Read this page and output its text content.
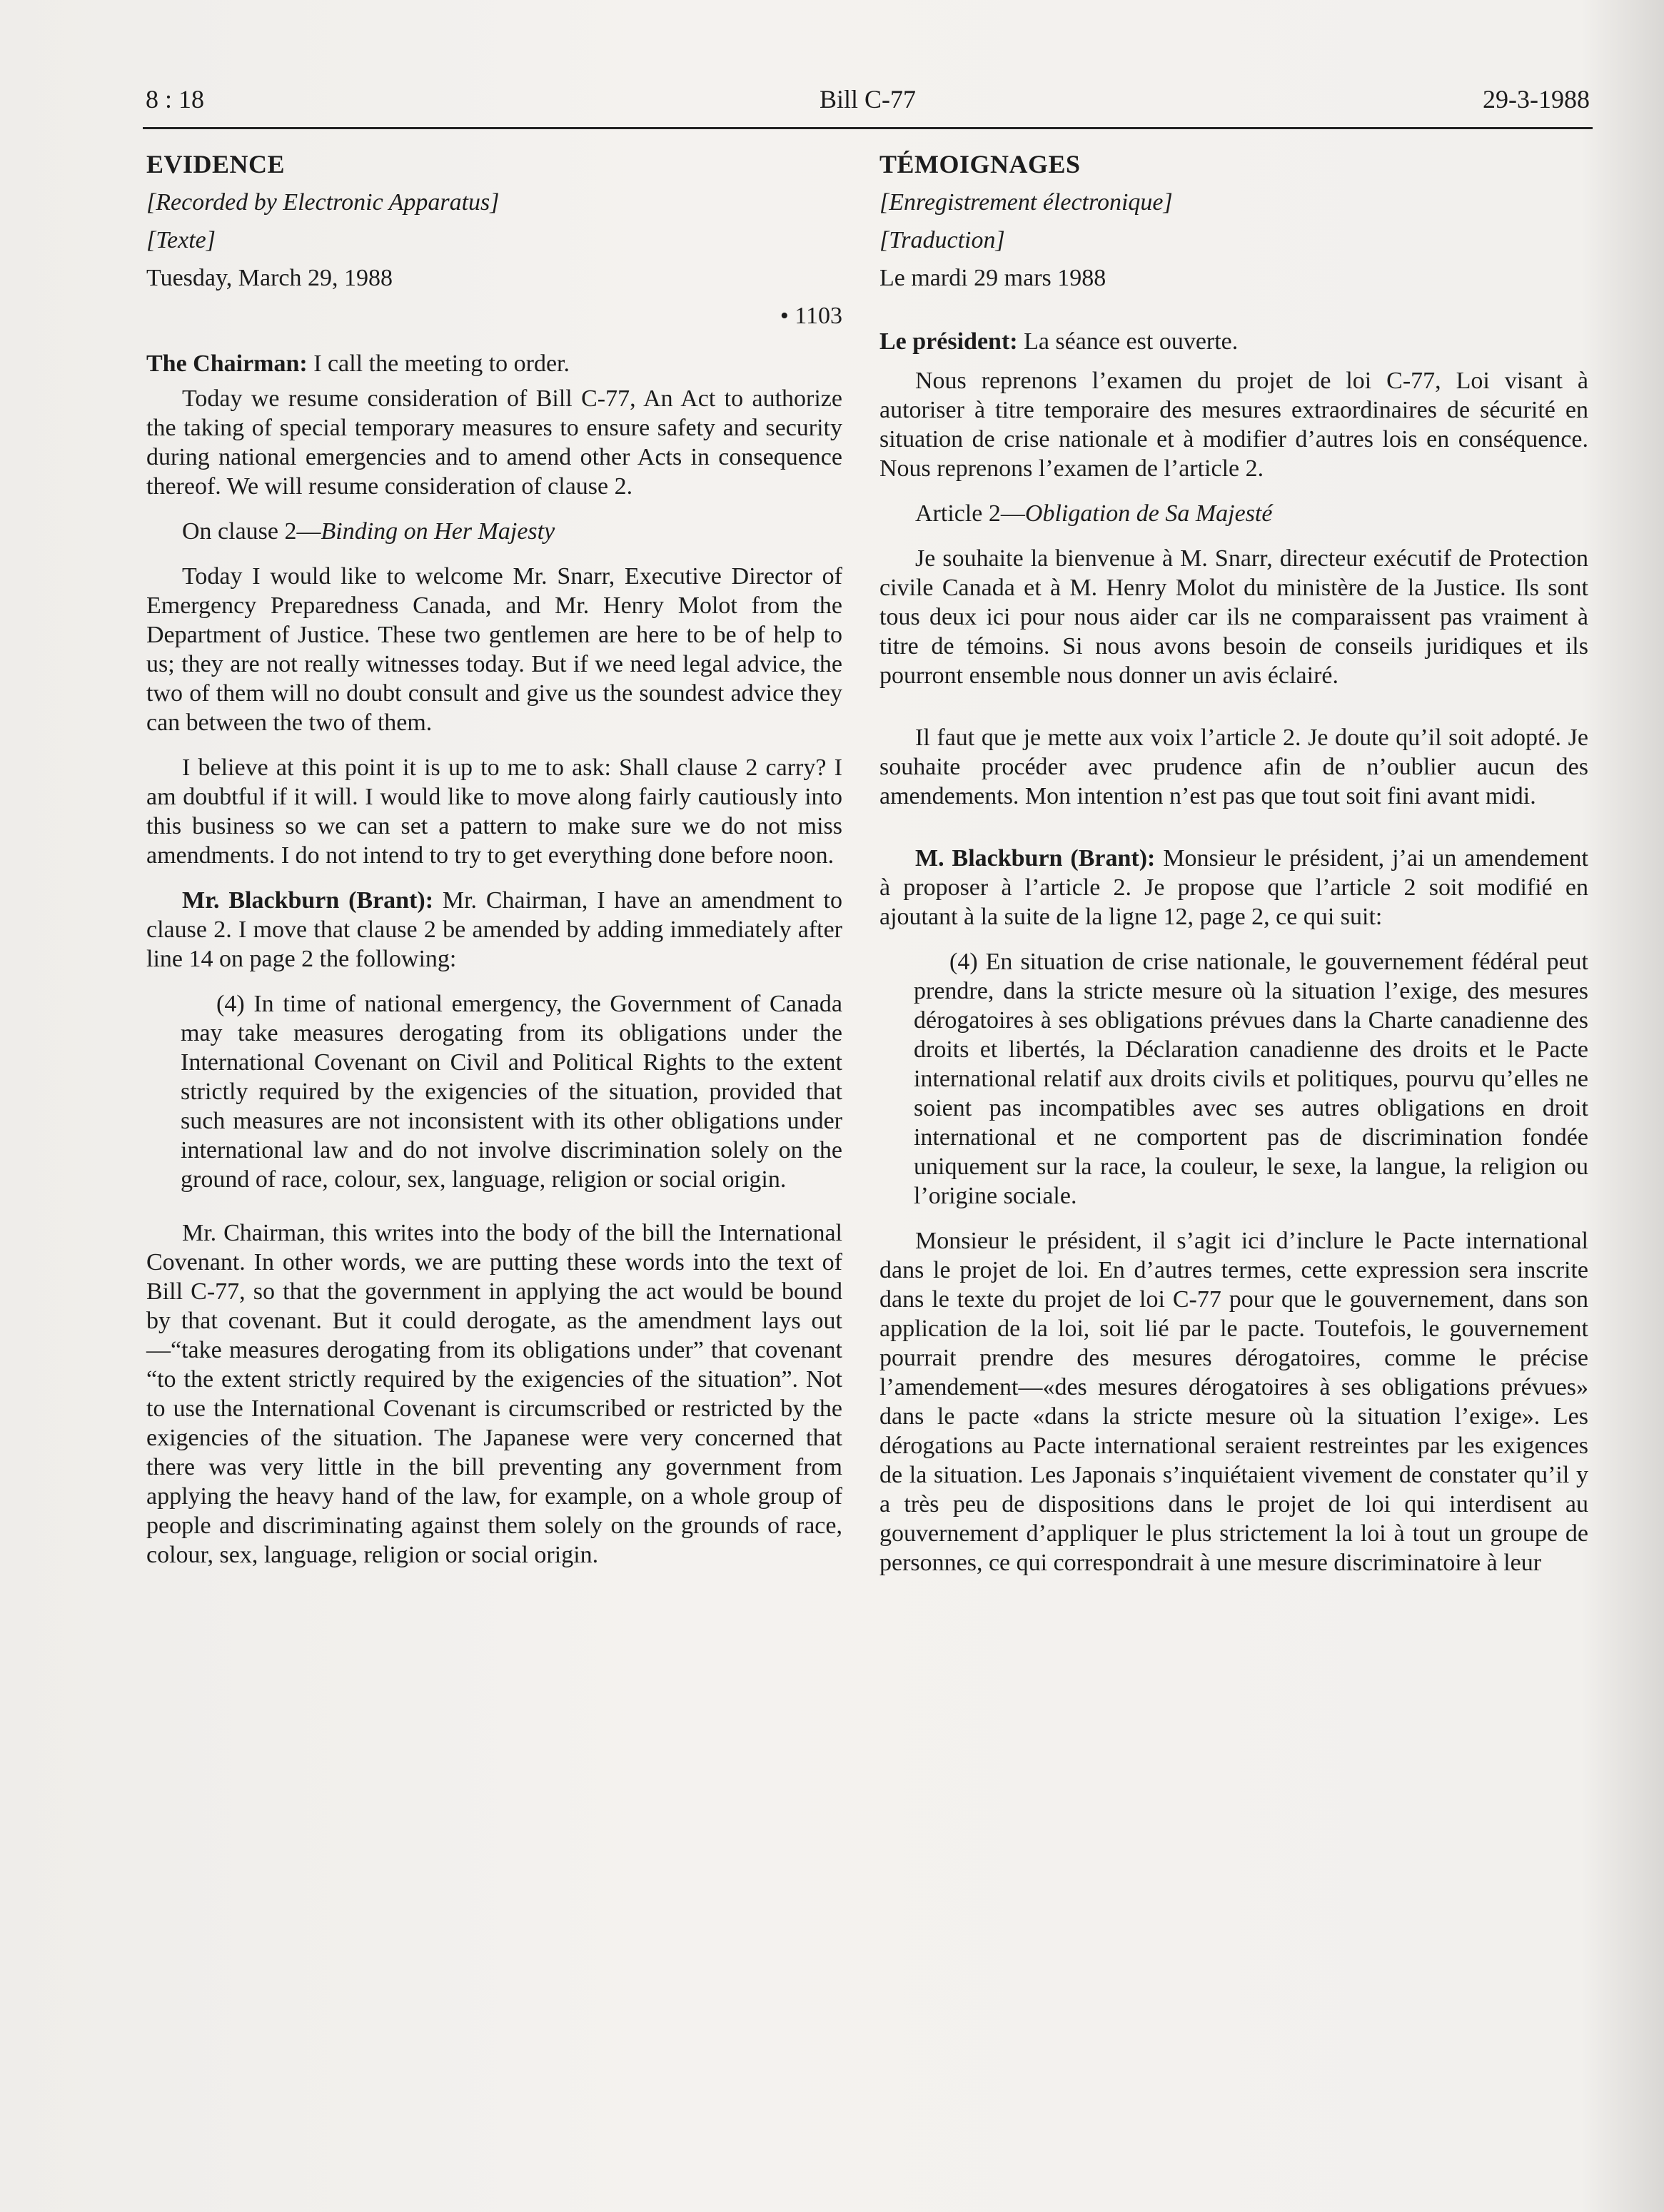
8 : 18	Bill C-77	29-3-1988
EVIDENCE
[Recorded by Electronic Apparatus]
[Texte]
Tuesday, March 29, 1988
• 1103

The Chairman: I call the meeting to order.

Today we resume consideration of Bill C-77, An Act to authorize the taking of special temporary measures to ensure safety and security during national emergencies and to amend other Acts in consequence thereof. We will resume consideration of clause 2.

On clause 2—Binding on Her Majesty

Today I would like to welcome Mr. Snarr, Executive Director of Emergency Preparedness Canada, and Mr. Henry Molot from the Department of Justice. These two gentlemen are here to be of help to us; they are not really witnesses today. But if we need legal advice, the two of them will no doubt consult and give us the soundest advice they can between the two of them.

I believe at this point it is up to me to ask: Shall clause 2 carry? I am doubtful if it will. I would like to move along fairly cautiously into this business so we can set a pattern to make sure we do not miss amendments. I do not intend to try to get everything done before noon.

Mr. Blackburn (Brant): Mr. Chairman, I have an amendment to clause 2. I move that clause 2 be amended by adding immediately after line 14 on page 2 the following:

(4) In time of national emergency, the Government of Canada may take measures derogating from its obligations under the International Covenant on Civil and Political Rights to the extent strictly required by the exigencies of the situation, provided that such measures are not inconsistent with its other obligations under international law and do not involve discrimination solely on the ground of race, colour, sex, language, religion or social origin.

Mr. Chairman, this writes into the body of the bill the International Covenant. In other words, we are putting these words into the text of Bill C-77, so that the government in applying the act would be bound by that covenant. But it could derogate, as the amendment lays out—“take measures derogating from its obligations under” that covenant “to the extent strictly required by the exigencies of the situation”. Not to use the International Covenant is circumscribed or restricted by the exigencies of the situation. The Japanese were very concerned that there was very little in the bill preventing any government from applying the heavy hand of the law, for example, on a whole group of people and discriminating against them solely on the grounds of race, colour, sex, language, religion or social origin.

TÉMOIGNAGES
[Enregistrement électronique]
[Traduction]
Le mardi 29 mars 1988

Le président: La séance est ouverte.

Nous reprenons l’examen du projet de loi C-77, Loi visant à autoriser à titre temporaire des mesures extraordinaires de sécurité en situation de crise nationale et à modifier d’autres lois en conséquence. Nous reprenons l’examen de l’article 2.

Article 2—Obligation de Sa Majesté

Je souhaite la bienvenue à M. Snarr, directeur exécutif de Protection civile Canada et à M. Henry Molot du ministère de la Justice. Ils sont tous deux ici pour nous aider car ils ne comparaissent pas vraiment à titre de témoins. Si nous avons besoin de conseils juridiques et ils pourront ensemble nous donner un avis éclairé.

Il faut que je mette aux voix l’article 2. Je doute qu’il soit adopté. Je souhaite procéder avec prudence afin de n’oublier aucun des amendements. Mon intention n’est pas que tout soit fini avant midi.

M. Blackburn (Brant): Monsieur le président, j’ai un amendement à proposer à l’article 2. Je propose que l’article 2 soit modifié en ajoutant à la suite de la ligne 12, page 2, ce qui suit:

(4) En situation de crise nationale, le gouvernement fédéral peut prendre, dans la stricte mesure où la situation l’exige, des mesures dérogatoires à ses obligations prévues dans la Charte canadienne des droits et libertés, la Déclaration canadienne des droits et le Pacte international relatif aux droits civils et politiques, pourvu qu’elles ne soient pas incompatibles avec ses autres obligations en droit international et ne comportent pas de discrimination fondée uniquement sur la race, la couleur, le sexe, la langue, la religion ou l’origine sociale.

Monsieur le président, il s’agit ici d’inclure le Pacte international dans le projet de loi. En d’autres termes, cette expression sera inscrite dans le texte du projet de loi C-77 pour que le gouvernement, dans son application de la loi, soit lié par le pacte. Toutefois, le gouvernement pourrait prendre des mesures dérogatoires, comme le précise l’amendement—«des mesures dérogatoires à ses obligations prévues» dans le pacte «dans la stricte mesure où la situation l’exige». Les dérogations au Pacte international seraient restreintes par les exigences de la situation. Les Japonais s’inquiétaient vivement de constater qu’il y a très peu de dispositions dans le projet de loi qui interdisent au gouvernement d’appliquer le plus strictement la loi à tout un groupe de personnes, ce qui correspondrait à une mesure discriminatoire à leur
